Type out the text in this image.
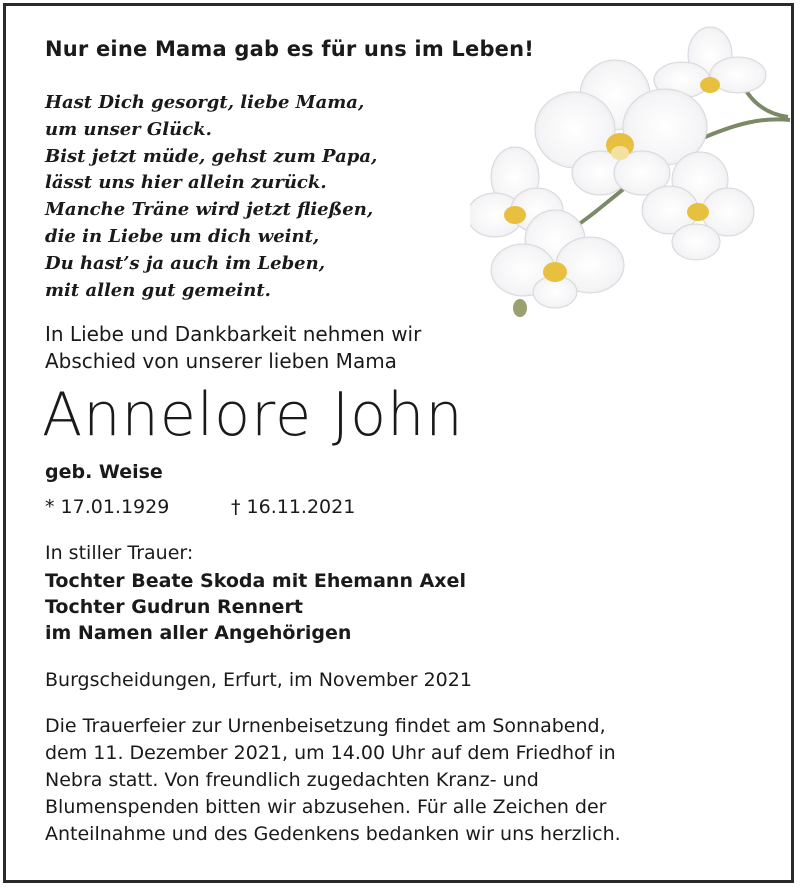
Nur eine Mama gab es für uns im Leben!
Hast Dich gesorgt, liebe Mama,
um unser Glück.
Bist jetzt müde, gehst zum Papa,
lässt uns hier allein zurück.
Manche Träne wird jetzt fließen,
die in Liebe um dich weint,
Du hast’s ja auch im Leben,
mit allen gut gemeint.
In Liebe und Dankbarkeit nehmen wir
Abschied von unserer lieben Mama
Annelore John
geb. Weise
* 17.01.1929	† 16.11.2021
In stiller Trauer:
Tochter Beate Skoda mit Ehemann Axel
Tochter Gudrun Rennert
im Namen aller Angehörigen
Burgscheidungen, Erfurt, im November 2021
Die Trauerfeier zur Urnenbeisetzung findet am Sonnabend,
dem 11. Dezember 2021, um 14.00 Uhr auf dem Friedhof in
Nebra statt. Von freundlich zugedachten Kranz- und
Blumenspenden bitten wir abzusehen. Für alle Zeichen der
Anteilnahme und des Gedenkens bedanken wir uns herzlich.
